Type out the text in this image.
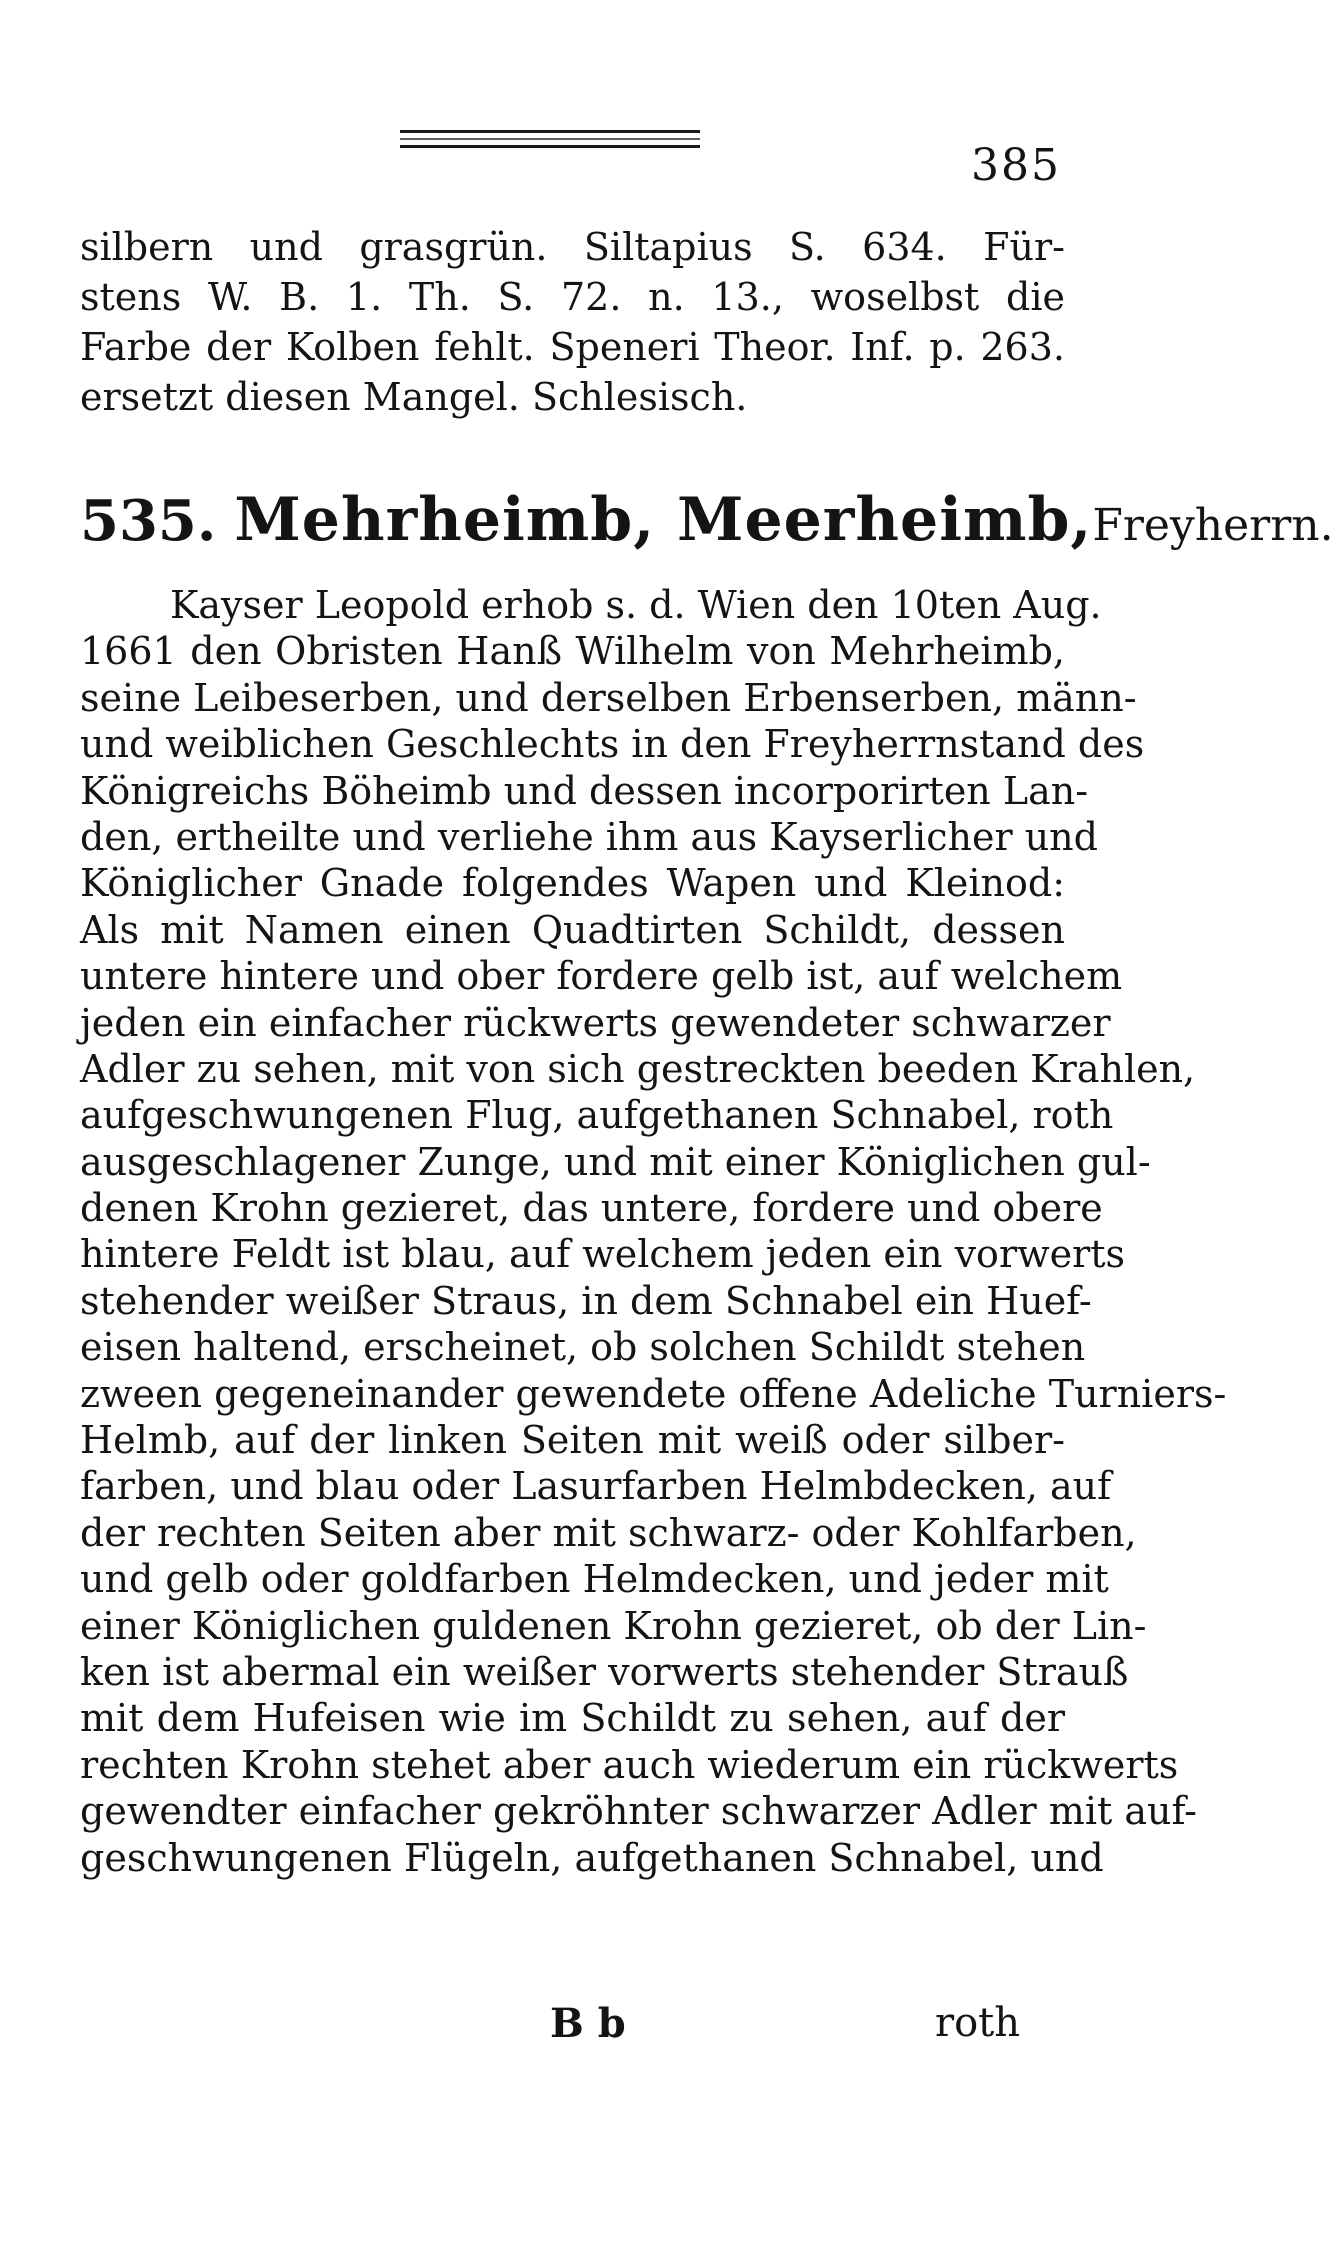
385
silbern und grasgrün. Siltapius S. 634. Für-
stens W. B. 1. Th. S. 72. n. 13., woselbst die
Farbe der Kolben fehlt. Speneri Theor. Inf. p. 263.
ersetzt diesen Mangel. Schlesisch.
535. Mehrheimb, Meerheimb, Freyherrn.
Kayser Leopold erhob s. d. Wien den 10ten Aug.
1661 den Obristen Hanß Wilhelm von Mehrheimb,
seine Leibeserben, und derselben Erbenserben, männ-
und weiblichen Geschlechts in den Freyherrnstand des
Königreichs Böheimb und dessen incorporirten Lan-
den, ertheilte und verliehe ihm aus Kayserlicher und
Königlicher Gnade folgendes Wapen und Kleinod:
Als mit Namen einen Quadtirten Schildt, dessen
untere hintere und ober fordere gelb ist, auf welchem
jeden ein einfacher rückwerts gewendeter schwarzer
Adler zu sehen, mit von sich gestreckten beeden Krahlen,
aufgeschwungenen Flug, aufgethanen Schnabel, roth
ausgeschlagener Zunge, und mit einer Königlichen gul-
denen Krohn gezieret, das untere, fordere und obere
hintere Feldt ist blau, auf welchem jeden ein vorwerts
stehender weißer Straus, in dem Schnabel ein Huef-
eisen haltend, erscheinet, ob solchen Schildt stehen
zween gegeneinander gewendete offene Adeliche Turniers-
Helmb, auf der linken Seiten mit weiß oder silber-
farben, und blau oder Lasurfarben Helmbdecken, auf
der rechten Seiten aber mit schwarz- oder Kohlfarben,
und gelb oder goldfarben Helmdecken, und jeder mit
einer Königlichen guldenen Krohn gezieret, ob der Lin-
ken ist abermal ein weißer vorwerts stehender Strauß
mit dem Hufeisen wie im Schildt zu sehen, auf der
rechten Krohn stehet aber auch wiederum ein rückwerts
gewendter einfacher gekröhnter schwarzer Adler mit auf-
geschwungenen Flügeln, aufgethanen Schnabel, und
B b	roth
